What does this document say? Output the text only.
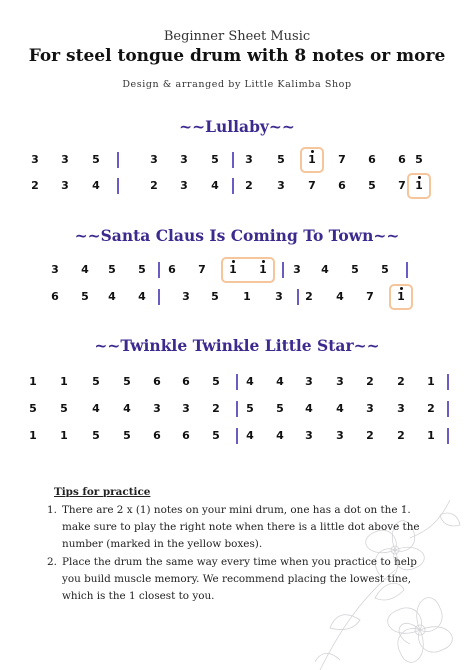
Beginner Sheet Music
For steel tongue drum with 8 notes or more
Design & arranged by Little Kalimba Shop
~~Lullaby~~
3	3	5	3	3	5	3	5	1	7	6	6 5
2	3	4	2	3	4	2	3	7	6	5	7 1
~~Santa Claus Is Coming To Town~~
3	4	5	5	6	7	1	1	3	4	5	5
6	5	4	4	3	5	1	3	2	4	7	1
~~Twinkle Twinkle Little Star~~
1	1	5	5	6	6	5	4	4	3	3	2	2	1
5	5	4	4	3	3	2	5	5	4	4	3	3	2
1	1	5	5	6	6	5	4	4	3	3	2	2	1
Tips for practice
1. There are 2 x (1) notes on your mini drum, one has a dot on the 1̇. make sure to play the right note when there is a little dot above the number (marked in the yellow boxes).
2. Place the drum the same way every time when you practice to help you build muscle memory. We recommend placing the lowest tine, which is the 1 closest to you.
